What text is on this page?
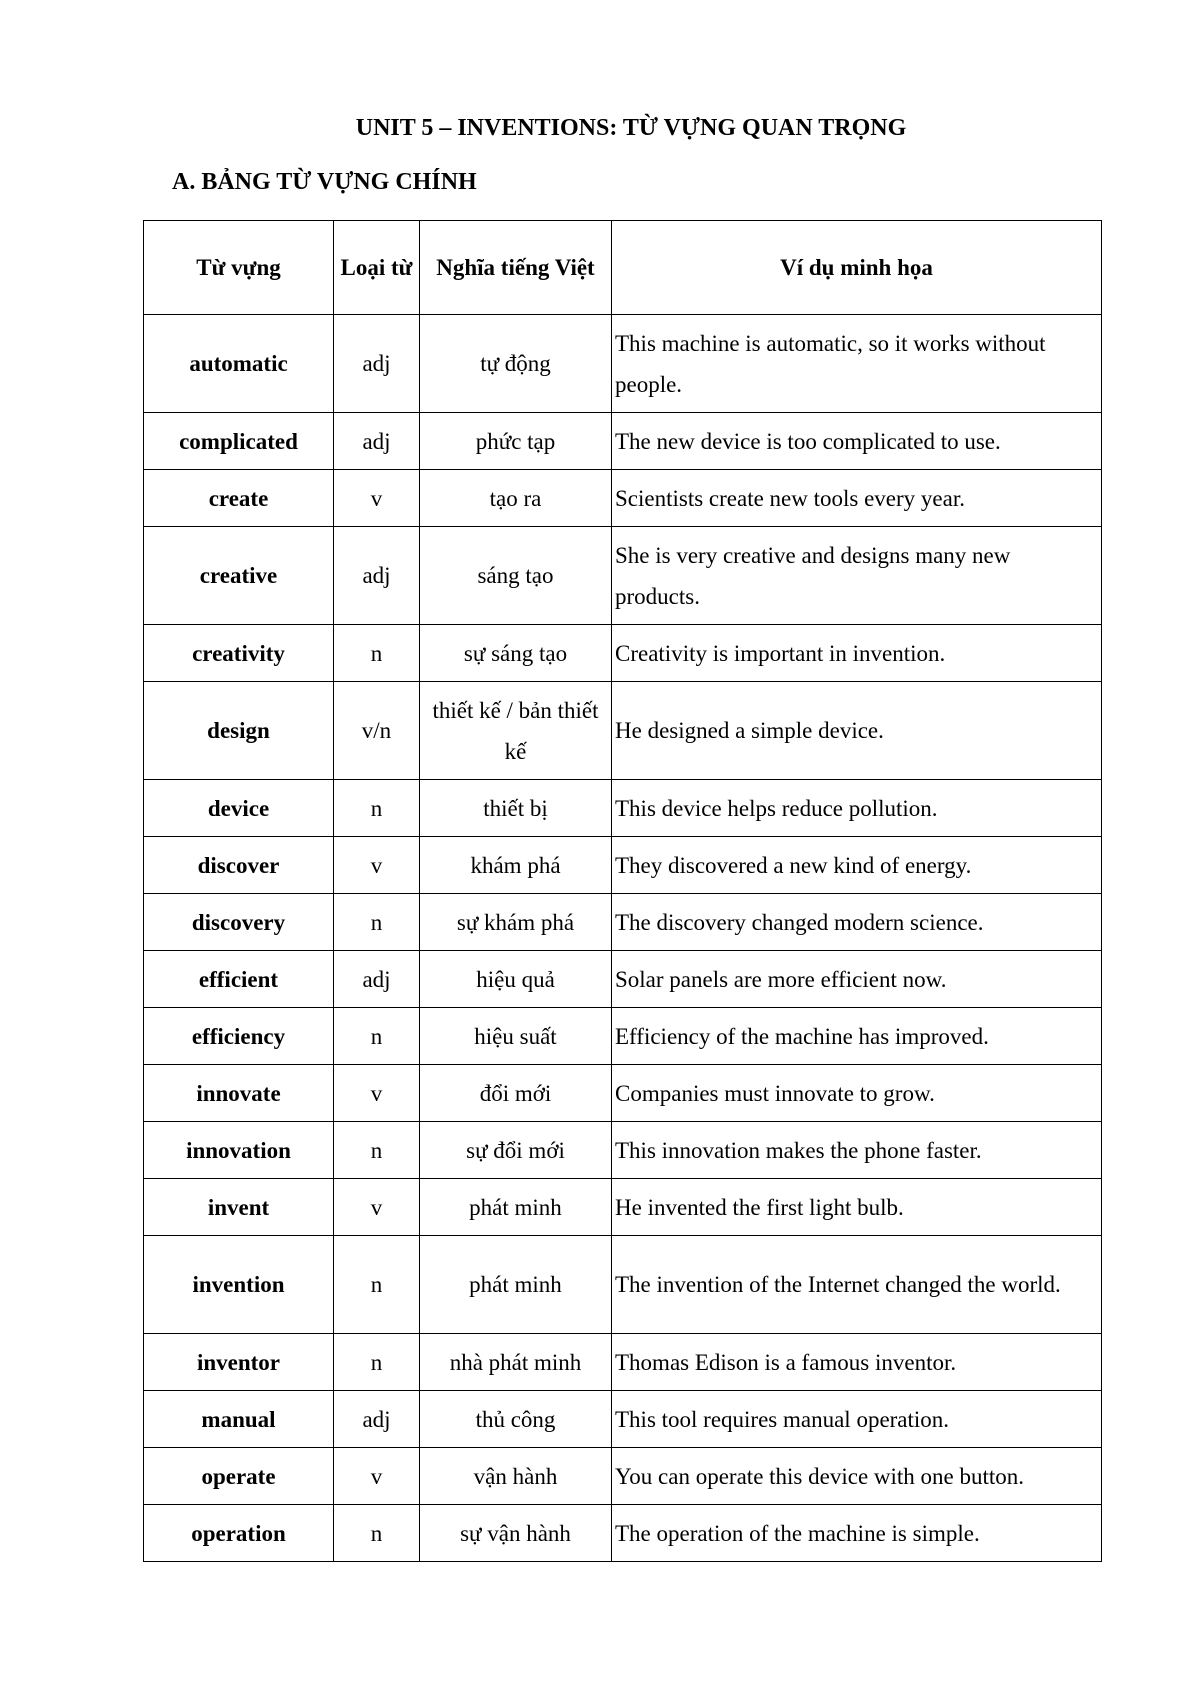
UNIT 5 – INVENTIONS: TỪ VỰNG QUAN TRỌNG
A. BẢNG TỪ VỰNG CHÍNH
Từ vựng	Loại từ	Nghĩa tiếng Việt	Ví dụ minh họa
automatic	adj	tự động	This machine is automatic, so it works without people.
complicated	adj	phức tạp	The new device is too complicated to use.
create	v	tạo ra	Scientists create new tools every year.
creative	adj	sáng tạo	She is very creative and designs many new products.
creativity	n	sự sáng tạo	Creativity is important in invention.
design	v/n	thiết kế / bản thiết kế	He designed a simple device.
device	n	thiết bị	This device helps reduce pollution.
discover	v	khám phá	They discovered a new kind of energy.
discovery	n	sự khám phá	The discovery changed modern science.
efficient	adj	hiệu quả	Solar panels are more efficient now.
efficiency	n	hiệu suất	Efficiency of the machine has improved.
innovate	v	đổi mới	Companies must innovate to grow.
innovation	n	sự đổi mới	This innovation makes the phone faster.
invent	v	phát minh	He invented the first light bulb.
invention	n	phát minh	The invention of the Internet changed the world.
inventor	n	nhà phát minh	Thomas Edison is a famous inventor.
manual	adj	thủ công	This tool requires manual operation.
operate	v	vận hành	You can operate this device with one button.
operation	n	sự vận hành	The operation of the machine is simple.
